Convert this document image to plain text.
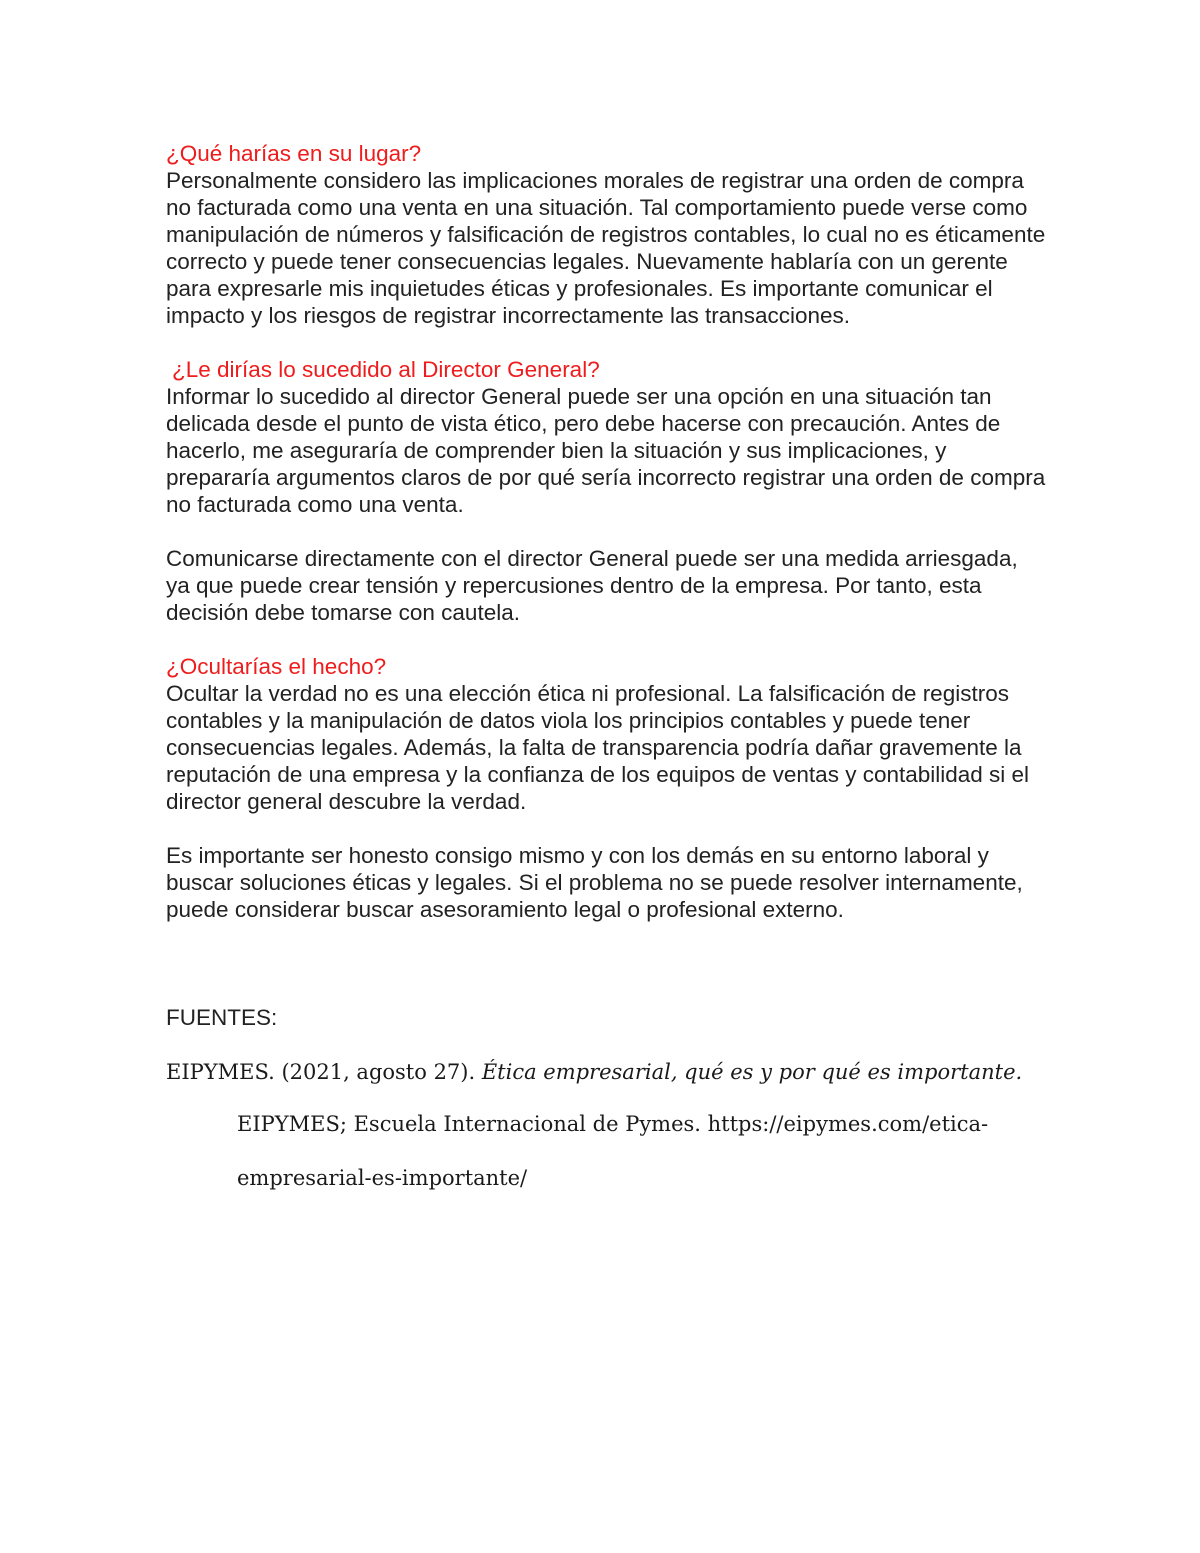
¿Qué harías en su lugar?

Personalmente considero las implicaciones morales de registrar una orden de compra no facturada como una venta en una situación. Tal comportamiento puede verse como manipulación de números y falsificación de registros contables, lo cual no es éticamente correcto y puede tener consecuencias legales. Nuevamente hablaría con un gerente para expresarle mis inquietudes éticas y profesionales. Es importante comunicar el impacto y los riesgos de registrar incorrectamente las transacciones.

¿Le dirías lo sucedido al Director General?

Informar lo sucedido al director General puede ser una opción en una situación tan delicada desde el punto de vista ético, pero debe hacerse con precaución. Antes de hacerlo, me aseguraría de comprender bien la situación y sus implicaciones, y prepararía argumentos claros de por qué sería incorrecto registrar una orden de compra no facturada como una venta.

Comunicarse directamente con el director General puede ser una medida arriesgada, ya que puede crear tensión y repercusiones dentro de la empresa. Por tanto, esta decisión debe tomarse con cautela.

¿Ocultarías el hecho?

Ocultar la verdad no es una elección ética ni profesional. La falsificación de registros contables y la manipulación de datos viola los principios contables y puede tener consecuencias legales. Además, la falta de transparencia podría dañar gravemente la reputación de una empresa y la confianza de los equipos de ventas y contabilidad si el director general descubre la verdad.

Es importante ser honesto consigo mismo y con los demás en su entorno laboral y buscar soluciones éticas y legales. Si el problema no se puede resolver internamente, puede considerar buscar asesoramiento legal o profesional externo.

FUENTES:
EIPYMES. (2021, agosto 27). Ética empresarial, qué es y por qué es importante.
EIPYMES; Escuela Internacional de Pymes. https://eipymes.com/etica-
empresarial-es-importante/
